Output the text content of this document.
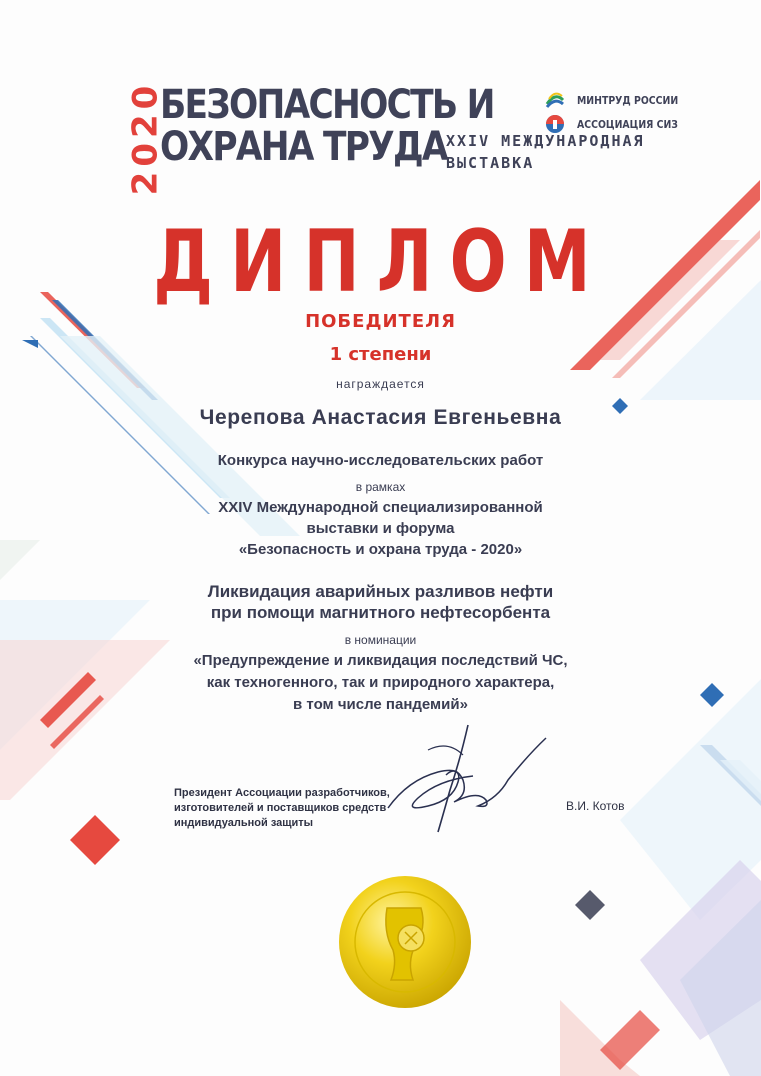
2020
БЕЗОПАСНОСТЬ И
ОХРАНА ТРУДА
МИНТРУД РОССИИ
АССОЦИАЦИЯ СИЗ
XXIV МЕЖДУНАРОДНАЯ
ВЫСТАВКА
ДИПЛОМ
ПОБЕДИТЕЛЯ
1 степени
награждается
Черепова Анастасия Евгеньевна
Конкурса научно-исследовательских работ
в рамках
XXIV Международной специализированной
выставки и форума
«Безопасность и охрана труда - 2020»
Ликвидация аварийных разливов нефти
при помощи магнитного нефтесорбента
в номинации
«Предупреждение и ликвидация последствий ЧС,
как техногенного, так и природного характера,
в том числе пандемий»
Президент Ассоциации разработчиков,
изготовителей и поставщиков средств
индивидуальной защиты
В.И. Котов
